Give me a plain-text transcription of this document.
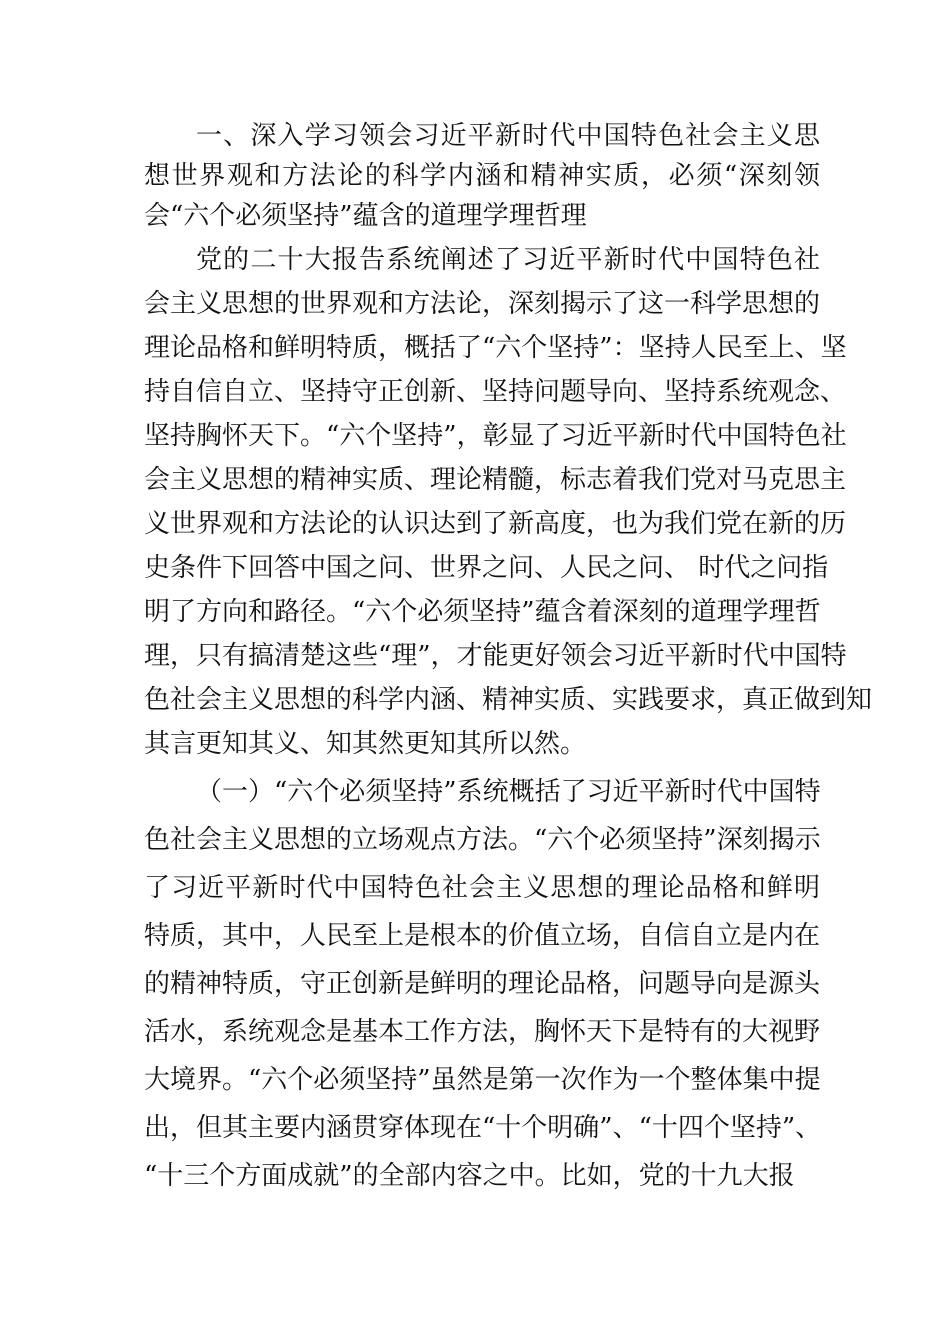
一、深入学习领会习近平新时代中国特色社会主义思
想世界观和方法论的科学内涵和精神实质，必须“深刻领
会“六个必须坚持”蕴含的道理学理哲理
党的二十大报告系统阐述了习近平新时代中国特色社
会主义思想的世界观和方法论，深刻揭示了这一科学思想的
理论品格和鲜明特质，概括了“六个坚持”：坚持人民至上、坚
持自信自立、坚持守正创新、坚持问题导向、坚持系统观念、
坚持胸怀天下。“六个坚持”，彰显了习近平新时代中国特色社
会主义思想的精神实质、理论精髓，标志着我们党对马克思主
义世界观和方法论的认识达到了新高度，也为我们党在新的历
史条件下回答中国之问、世界之问、人民之问、 时代之问指
明了方向和路径。“六个必须坚持”蕴含着深刻的道理学理哲
理，只有搞清楚这些“理”，才能更好领会习近平新时代中国特
色社会主义思想的科学内涵、精神实质、实践要求，真正做到知
其言更知其义、知其然更知其所以然。
（一）“六个必须坚持”系统概括了习近平新时代中国特
色社会主义思想的立场观点方法。“六个必须坚持”深刻揭示
了习近平新时代中国特色社会主义思想的理论品格和鲜明
特质，其中，人民至上是根本的价值立场，自信自立是内在
的精神特质，守正创新是鲜明的理论品格，问题导向是源头
活水，系统观念是基本工作方法，胸怀天下是特有的大视野
大境界。“六个必须坚持”虽然是第一次作为一个整体集中提
出，但其主要内涵贯穿体现在“十个明确”、“十四个坚持”、
“十三个方面成就”的全部内容之中。比如，党的十九大报
